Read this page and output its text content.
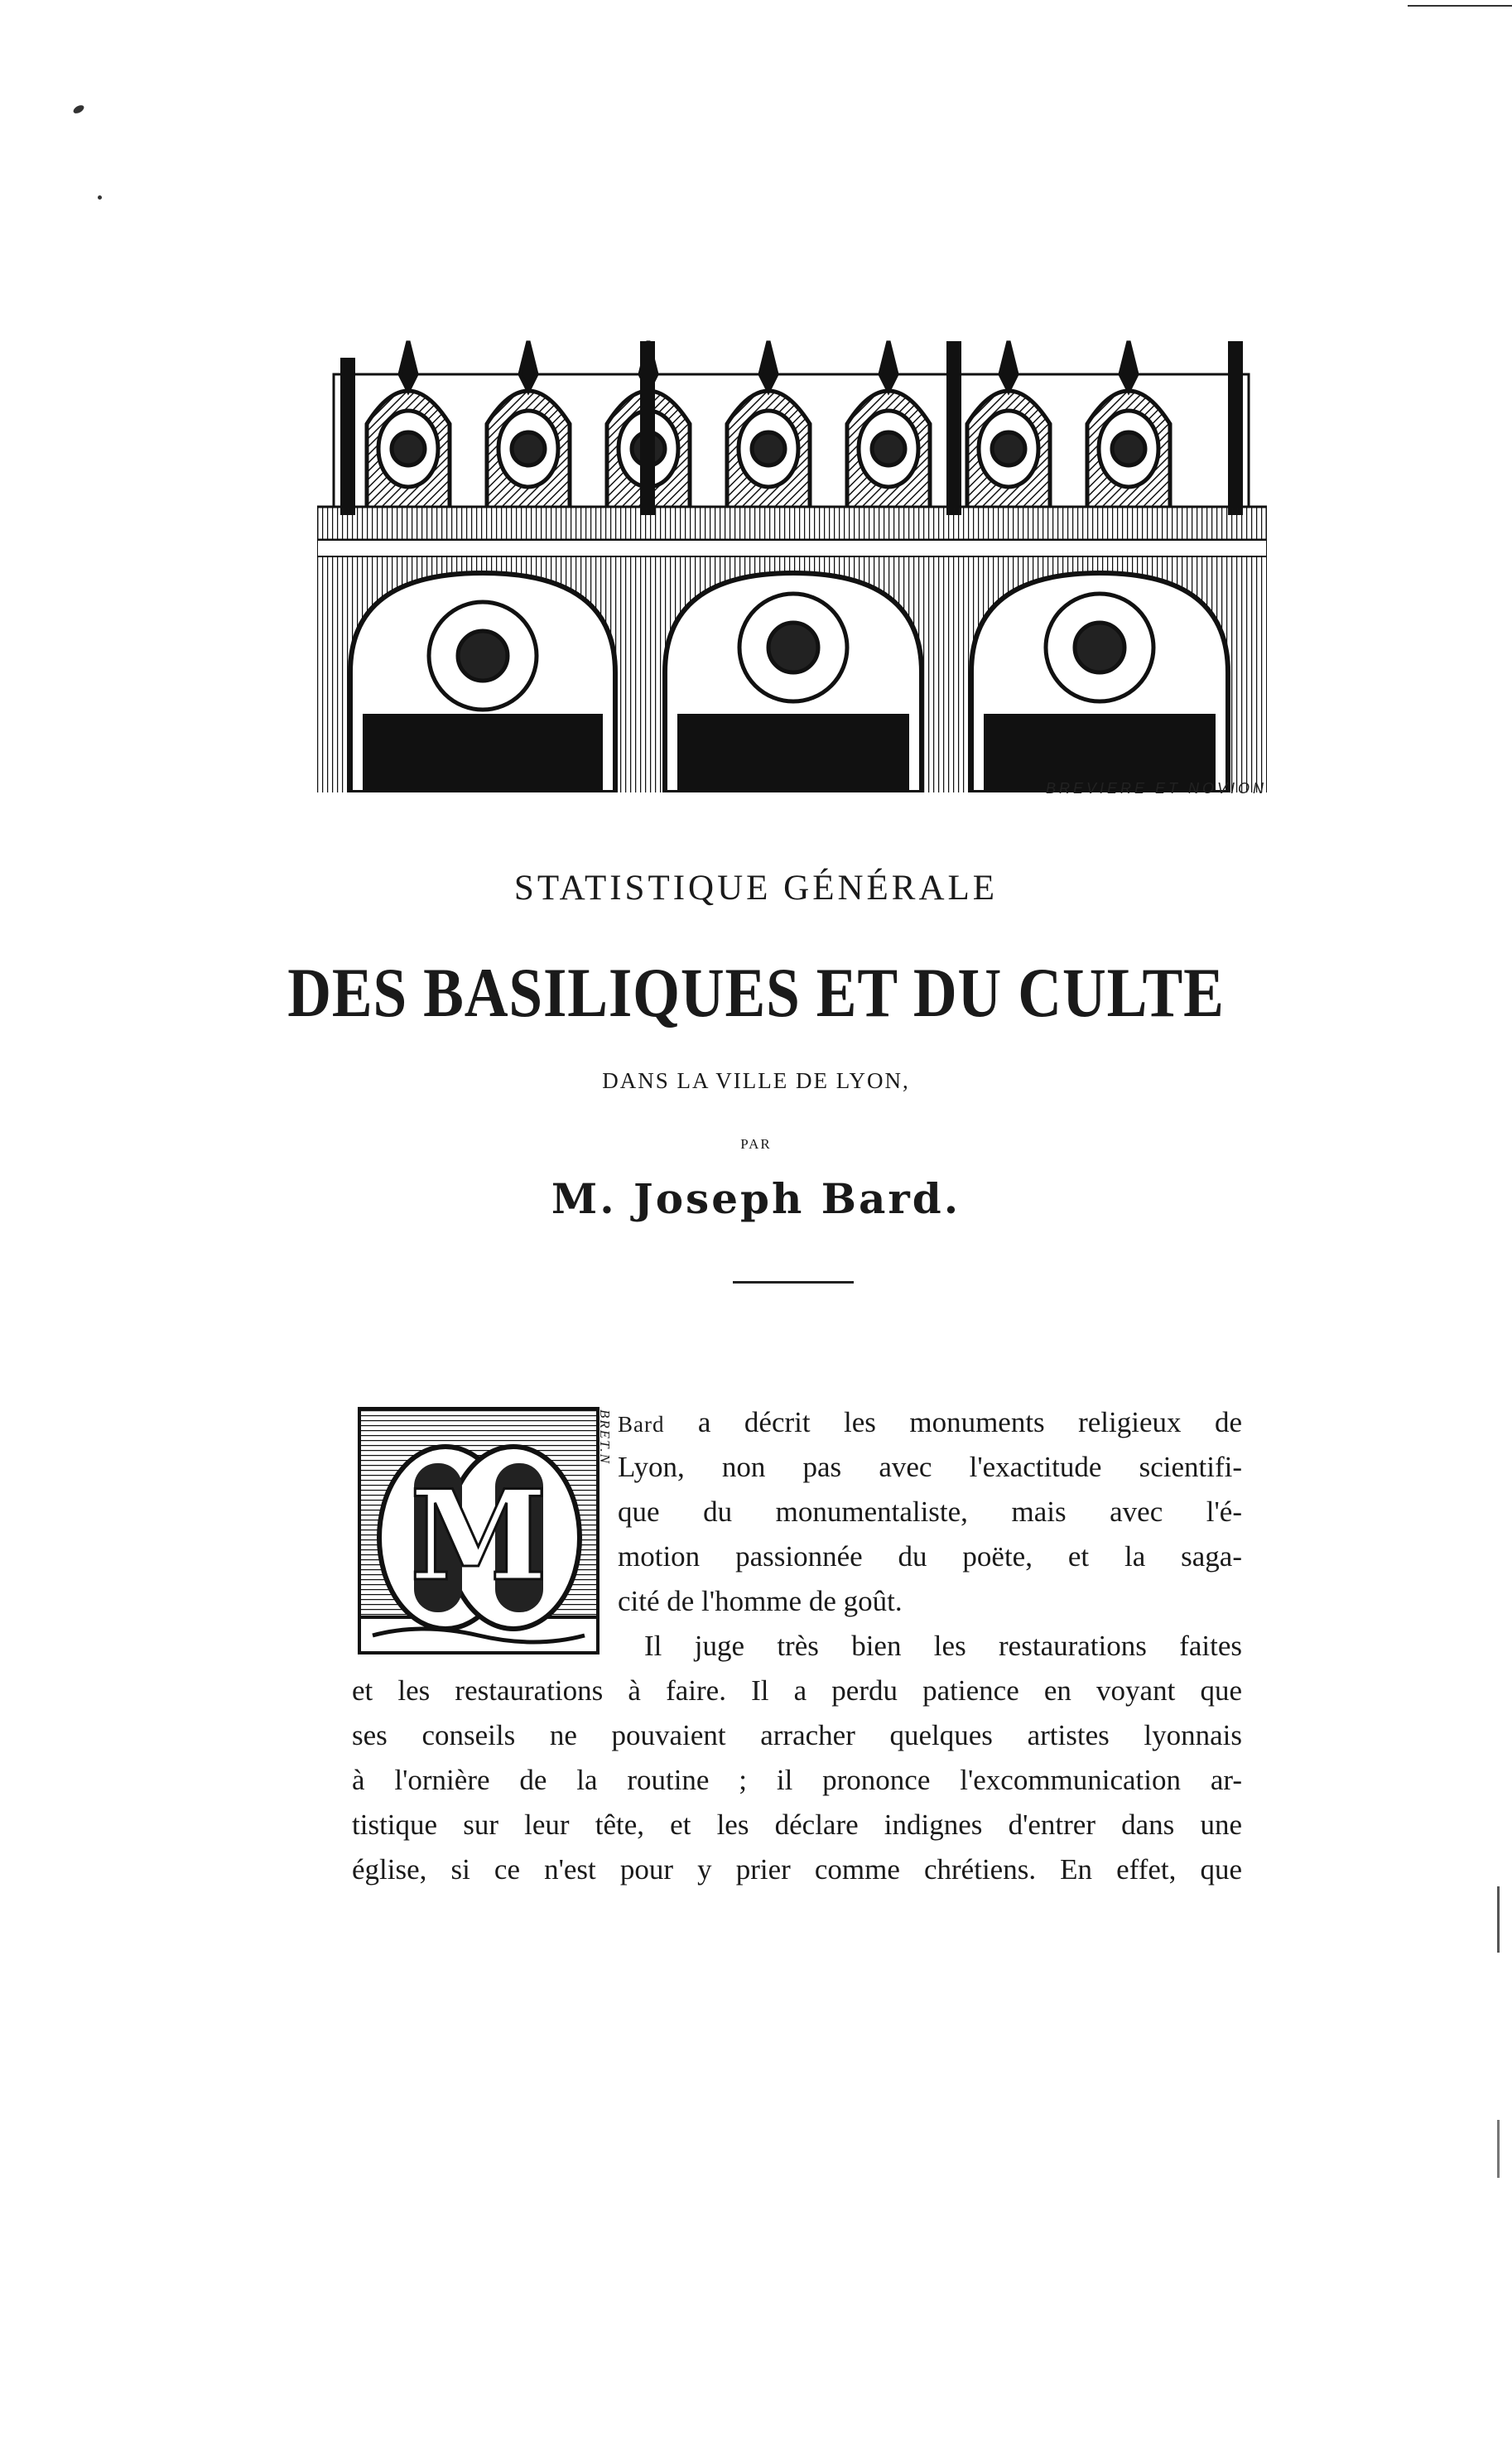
BREVIERE ET NOVION
STATISTIQUE GÉNÉRALE
DES BASILIQUES ET DU CULTE
DANS LA VILLE DE LYON,
PAR
M. Joseph Bard.
M
BRET.N Bard a décrit les monuments religieux de
Lyon, non pas avec l'exactitude scientifi-
que du monumentaliste, mais avec l'é-
motion passionnée du poëte, et la saga-
cité de l'homme de goût.
Il juge très bien les restaurations faites
et les restaurations à faire. Il a perdu patience en voyant que
ses conseils ne pouvaient arracher quelques artistes lyonnais
à l'ornière de la routine ; il prononce l'excommunication ar-
tistique sur leur tête, et les déclare indignes d'entrer dans une
église, si ce n'est pour y prier comme chrétiens. En effet, que
